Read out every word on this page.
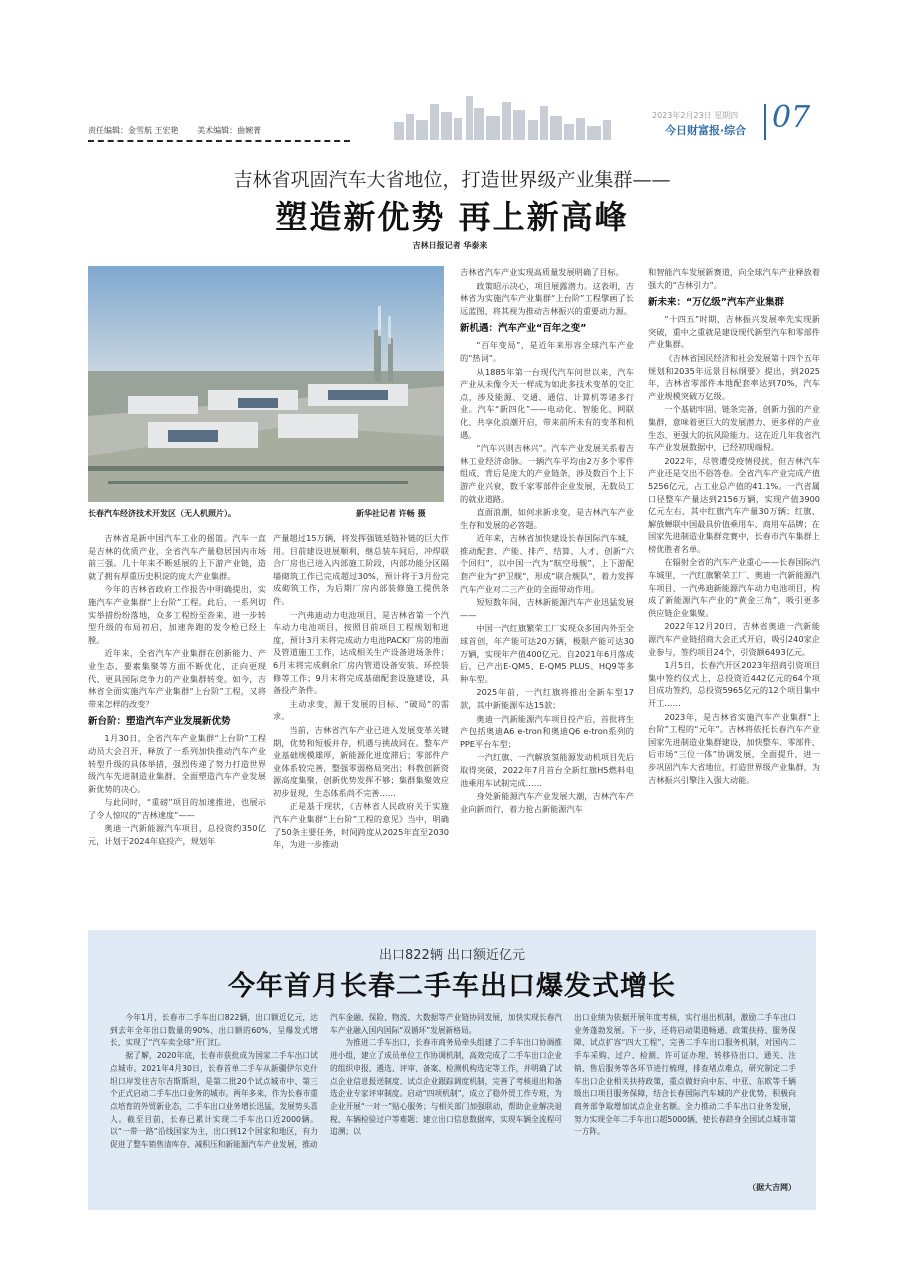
责任编辑：金雪航 王宏艳 美术编辑：曲婉菁
2023年2月23日 星期四
今日财富报·综合 07
吉林省巩固汽车大省地位，打造世界级产业集群——
塑造新优势 再上新高峰
吉林日报记者 华泰来
长春汽车经济技术开发区（无人机照片）。	新华社记者 许畅 摄

吉林省是新中国汽车工业的摇篮。汽车一直是吉林的优质产业，全省汽车产量稳居国内市场前三强。几十年来不断延展的上下游产业链，造就了拥有厚重历史积淀的庞大产业集群。

今年的吉林省政府工作报告中明确提出，实施汽车产业集群“上台阶”工程。此后，一系列切实举措纷纷落地，众多工程纷至沓来，进一步转型升级的布局初启，加速奔跑的发令枪已经上膛。

近年来，全省汽车产业集群在创新能力、产业生态、要素集聚等方面不断优化，正向更现代、更具国际竞争力的产业集群转变。如今，吉林省全面实施汽车产业集群“上台阶”工程，又将带来怎样的改变？

新台阶：塑造汽车产业发展新优势

1月30日，全省汽车产业集群“上台阶”工程动员大会召开，释放了一系列加快推动汽车产业转型升级的具体举措，强烈传递了努力打造世界级汽车先进制造业集群、全面塑造汽车产业发展新优势的决心。

与此同时，“重磅”项目的加速推进，也展示了令人惊叹的“吉林速度”——

奥迪一汽新能源汽车项目，总投资约350亿元，计划于2024年底投产，规划年

产量超过15万辆，将发挥强链延链补链的巨大作用。目前建设进展顺利，继总装车间后，冲焊联合厂房也已进入内部施工阶段，内部功能分区隔墙砌筑工作已完成超过30%，预计将于3月份完成砌筑工作，为后期厂房内部装修施工提供条件。

一汽弗迪动力电池项目，是吉林省第一个汽车动力电池项目，按照目前项目工程规划和进度，预计3月末将完成动力电池PACK厂房的地面及管道施工工作，达成相关生产设备进场条件；6月末将完成剩余厂房内管道设备安装、环控装修等工作；9月末将完成基础配套设施建设，具备投产条件。

主动求变，源于发展的目标、“破局”的需求。

当前，吉林省汽车产业已进入发展变革关键期，优势和短板并存，机遇与挑战同在。整车产业基础规模雄厚，新能源化进度滞后；零部件产业体系较完善，整强零弱格局突出；科教创新资源高度集聚，创新优势发挥不够；集群集聚效应初步显现，生态体系尚不完善……

正是基于现状，《吉林省人民政府关于实施汽车产业集群“上台阶”工程的意见》当中，明确了50条主要任务，时间跨度从2025年直至2030年，为进一步推动

吉林省汽车产业实现高质量发展明确了目标。

政策昭示决心，项目展露潜力。这表明，吉林省为实施汽车产业集群“上台阶”工程擘画了长远蓝图，将其视为推动吉林振兴的重要动力源。

新机遇：汽车产业“百年之变”

“百年变局”，是近年来形容全球汽车产业的“热词”。

从1885年第一台现代汽车问世以来，汽车产业从未像今天一样成为如此多技术变革的交汇点，涉及能源、交通、通信、计算机等诸多行业。汽车“新四化”——电动化、智能化、网联化、共享化浪潮开启，带来前所未有的变革和机遇。

“汽车兴则吉林兴”。汽车产业发展关系着吉林工业经济命脉。一辆汽车平均由2万多个零件组成，背后是庞大的产业链条，涉及数百个上下游产业兴衰，数千家零部件企业发展，无数员工的就业道路。

直面浪潮，如何求新求变，是吉林汽车产业生存和发展的必答题。

近年来，吉林省加快建设长春国际汽车城，推动配套、产能、排产、结算、人才、创新“六个回归”，以中国一汽为“航空母舰”，上下游配套产业为“护卫舰”，形成“联合舰队”，着力发挥汽车产业对二三产业的全面带动作用。

短短数年间，吉林新能源汽车产业迅猛发展——

中国一汽红旗繁荣工厂实现众多国内外至全球首创，年产能可达20万辆，极限产能可达30万辆，实现年产值400亿元。自2021年6月落成后，已产出E-QM5、E-QM5 PLUS、HQ9等多种车型。

2025年前，一汽红旗将推出全新车型17款，其中新能源车达15款；

奥迪一汽新能源汽车项目投产后，首批将生产包括奥迪A6 e-tron和奥迪Q6 e-tron系列的PPE平台车型；

一汽红旗、一汽解放氢能源发动机项目先后取得突破，2022年7月首台全新红旗H5燃料电池乘用车试制完成……

身处新能源汽车产业发展大潮，吉林汽车产业向新而行，着力抢占新能源汽车

和智能汽车发展新赛道，向全球汽车产业释放着强大的“吉林引力”。

新未来：“万亿级”汽车产业集群

“十四五”时期，吉林振兴发展率先实现新突破，重中之重就是建设现代新型汽车和零部件产业集群。

《吉林省国民经济和社会发展第十四个五年规划和2035年远景目标纲要》提出，到2025年，吉林省零部件本地配套率达到70%，汽车产业规模突破万亿级。

一个基础牢固、链条完备，创新力强的产业集群，意味着更巨大的发展潜力、更多样的产业生态、更强大的抗风险能力。这在近几年我省汽车产业发展数据中，已经初现端倪。

2022年，尽管遭受疫情侵扰，但吉林汽车产业还是交出不俗答卷。全省汽车产业完成产值5256亿元，占工业总产值的41.1%。一汽省属口径整车产量达到2156万辆，实现产值3900亿元左右，其中红旗汽车产量30万辆；红旗、解放蝉联中国最具价值乘用车、商用车品牌；在国家先进制造业集群竞赛中，长春市汽车集群上榜优胜者名单。

在辐射全省的汽车产业重心——长春国际汽车城里，一汽红旗繁荣工厂、奥迪一汽新能源汽车项目、一汽弗迪新能源汽车动力电池项目，构成了新能源汽车产业的“黄金三角”，吸引更多供应链企业集聚。

2022年12月20日，吉林省奥迪一汽新能源汽车产业链招商大会正式开启，吸引240家企业参与，签约项目24个，引资额6493亿元。

1月5日，长春汽开区2023年招商引资项目集中签约仪式上，总投资近442亿元的64个项目成功签约，总投资5965亿元的12个项目集中开工……

2023年，是吉林省实施汽车产业集群“上台阶”工程的“元年”。吉林将依托长春汽车产业国家先进制造业集群建设，加快整车、零部件、后市场“三位一体”协调发展，全面提升，进一步巩固汽车大省地位，打造世界级产业集群，为吉林振兴引擎注入强大动能。

出口822辆 出口额近亿元
今年首月长春二手车出口爆发式增长

今年1月，长春市二手车出口822辆，出口额近亿元，达到去年全年出口数量的90%、出口额的60%，呈爆发式增长，实现了“汽车卖全球”开门红。

据了解，2020年底，长春市获批成为国家二手车出口试点城市。2021年4月30日，长春首单二手车从新疆伊尔克什坦口岸发往吉尔吉斯斯坦，是第二批20个试点城市中、第三个正式启动二手车出口业务的城市。两年多来，作为长春市重点培育的外贸新业态，二手车出口业务增长迅猛，发展势头喜人。截至目前，长春已累计实现二手车出口近2000辆。以“一带一路”沿线国家为主，出口到12个国家和地区，有力促进了整车销售清库存、减积压和新能源汽车产业发展，推动

汽车金融、保险、物流、大数据等产业链协同发展，加快实现长春汽车产业融入国内国际“双循环”发展新格局。

为推进二手车出口，长春市商务局牵头组建了二手车出口协调推进小组，建立了成员单位工作协调机制，高效完成了二手车出口企业的组织申报、遴选、评审、备案、检测机构选定等工作，并明确了试点企业信息报送制度、试点企业跟踪调度机制，完善了考核退出和备选企业专家评审制度。启动“四项机制”，成立了稳外贸工作专班，为企业开展“一对一”贴心服务；与相关部门加强联动，帮助企业解决退税、车辆检验过户等难题；建立出口信息数据库，实现车辆全流程可追溯；以

出口业绩为依据开展年度考核，实行退出机制，激励二手车出口业务蓬勃发展。下一步，还将启动渠道畅通、政策扶持、服务保障、试点扩容“四大工程”，完善二手车出口服务机制，对国内二手车采购、过户、检测、许可证办理、转移待出口、通关、注销、售后服务等各环节进行梳理，排查堵点难点，研究制定二手车出口企业相关扶持政策，重点做好向中东、中亚、东欧等千辆级出口项目服务保障，结合长春国际汽车城的产业优势，积极向商务部争取增加试点企业名额。全力推动二手车出口业务发展，努力实现全年二手车出口超5000辆，使长春跻身全国试点城市第一方阵。

（据大吉网）
